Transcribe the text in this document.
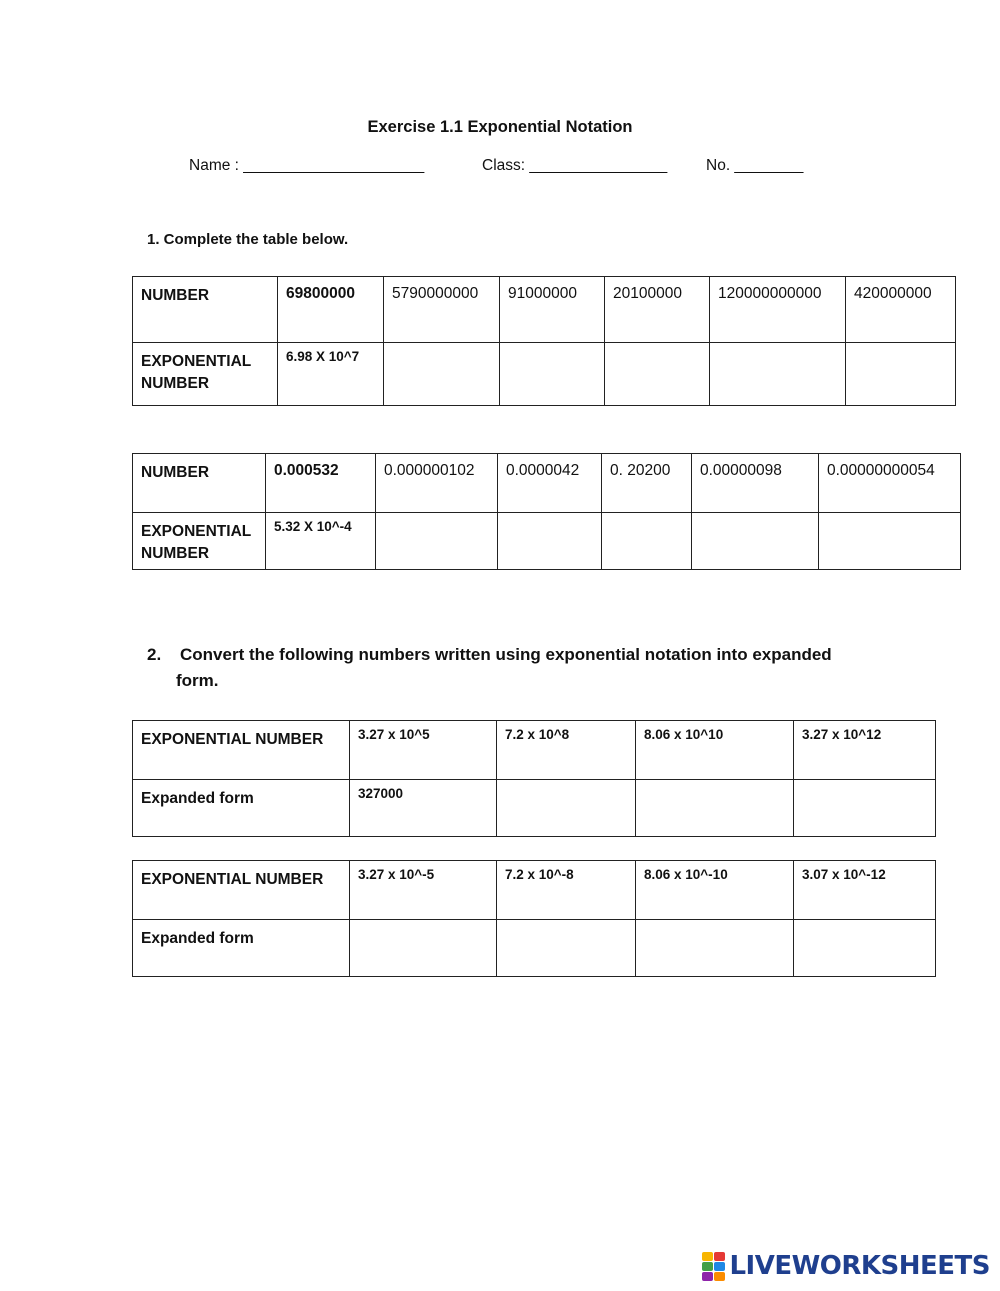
Exercise 1.1 Exponential Notation
Name : _____________________	Class: ________________ No. ________
1. Complete the table below.
NUMBER	69800000	5790000000	91000000	20100000	120000000000	420000000
EXPONENTIAL NUMBER	6.98 X 10^7					
NUMBER	0.000532	0.000000102	0.0000042	0. 20200	0.00000098	0.00000000054
EXPONENTIAL NUMBER	5.32 X 10^-4					
2. Convert the following numbers written using exponential notation into expanded
form.
EXPONENTIAL NUMBER	3.27 x 10^5	7.2 x 10^8	8.06 x 10^10	3.27 x 10^12
Expanded form	327000			
EXPONENTIAL NUMBER	3.27 x 10^-5	7.2 x 10^-8	8.06 x 10^-10	3.07 x 10^-12
Expanded form				
LIVEWORKSHEETS
